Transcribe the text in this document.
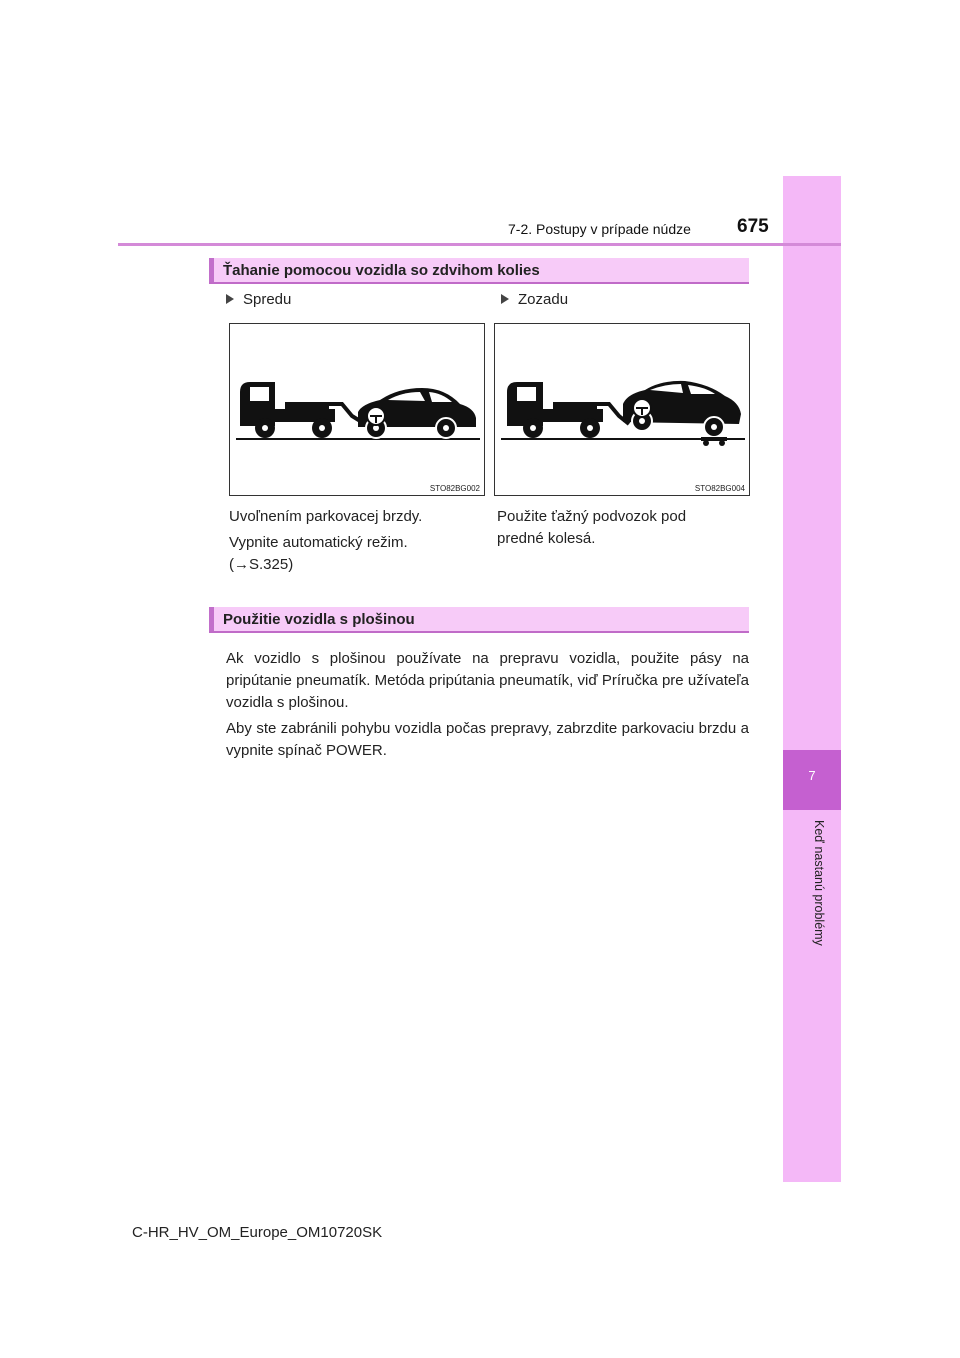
7
Keď nastanú problémy
7-2. Postupy v prípade núdze 675
Ťahanie pomocou vozidla so zdvihom kolies
Spredu	Zozadu
STO82BG002	STO82BG004
Uvoľnením parkovacej brzdy.
Vypnite automatický režim.
(→S.325)
Použite ťažný podvozok pod
predné kolesá.
Použitie vozidla s plošinou
Ak vozidlo s plošinou používate na prepravu vozidla, použite pásy na pripútanie pneumatík. Metóda pripútania pneumatík, viď Príručka pre užívateľa vozidla s plošinou.
Aby ste zabránili pohybu vozidla počas prepravy, zabrzdite parkovaciu brzdu a vypnite spínač POWER.
C-HR_HV_OM_Europe_OM10720SK
